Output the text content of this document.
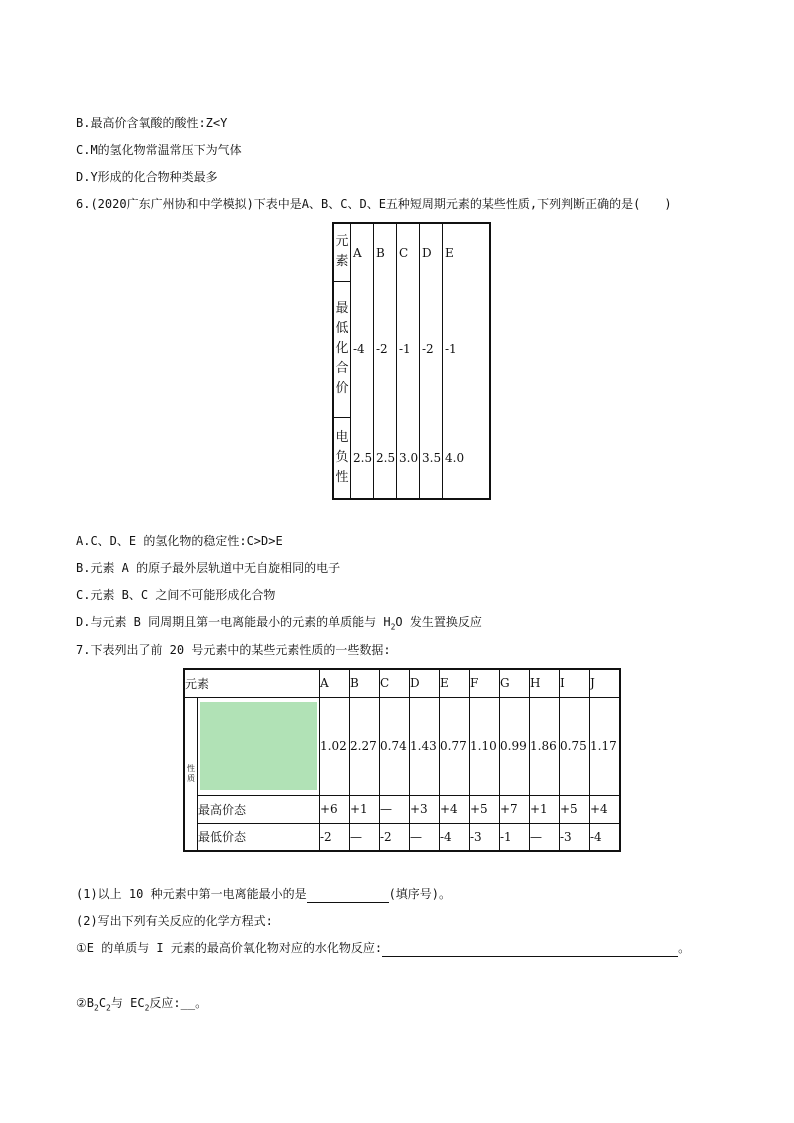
B.最高价含氧酸的酸性:Z<Y
C.M的氢化物常温常压下为气体
D.Y形成的化合物种类最多
6.(2020广东广州协和中学模拟)下表中是A、B、C、D、E五种短周期元素的某些性质,下列判断正确的是(　　)
元
素	A	B	C	D	E

最
低
化
合
价	-4	-2	-1	-2	-1

电
负
性	2.5	2.5	3.0	3.5	4.0
A.C、D、E 的氢化物的稳定性:C>D>E
B.元素 A 的原子最外层轨道中无自旋相同的电子
C.元素 B、C 之间不可能形成化合物
D.与元素 B 同周期且第一电离能最小的元素的单质能与 $H_2O$ 发生置换反应
7.下表列出了前 20 号元素中的某些元素性质的一些数据:
元素		A	B	C	D	E	F	G	H	I	J

性
质		1.02	2.27	0.74	1.43	0.77	1.10	0.99	1.86	0.75	1.17
	最高价态	+6	+1	—	+3	+4	+5	+7	+1	+5	+4
	最低价态	-2	—	-2	—	-4	-3	-1	—	-3	-4
(1)以上 10 种元素中第一电离能最小的是	(填序号)。
(2)写出下列有关反应的化学方程式:
①E 的单质与 I 元素的最高价氧化物对应的水化物反应:	。
$②B_2C_2$与 $EC_2$反应:__。
